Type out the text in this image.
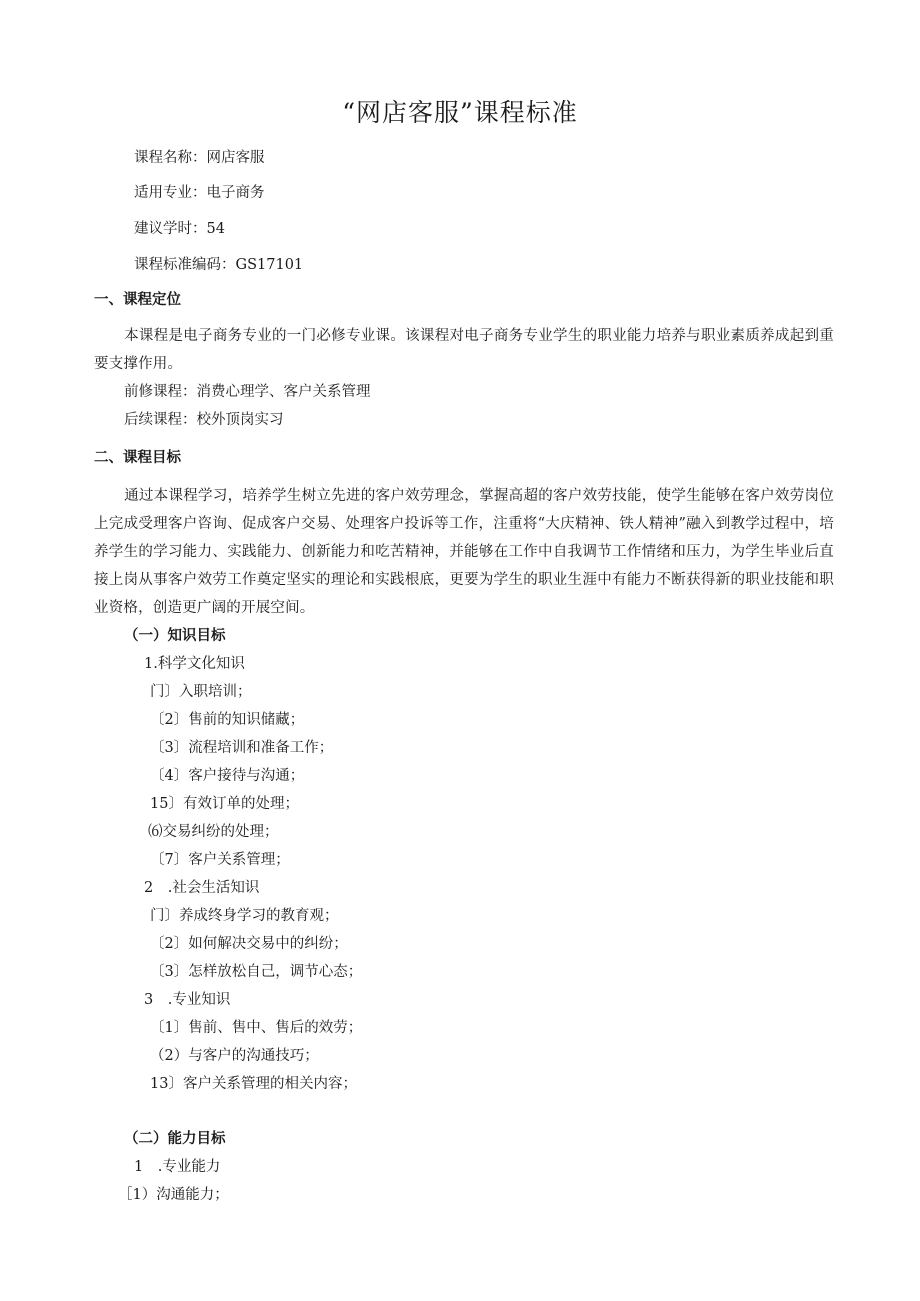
“网店客服”课程标准
课程名称：网店客服
适用专业：电子商务
建议学时：54
课程标准编码：GS17101
一、课程定位
本课程是电子商务专业的一门必修专业课。该课程对电子商务专业学生的职业能力培养与职业素质养成起到重要支撑作用。
前修课程：消费心理学、客户关系管理
后续课程：校外顶岗实习
二、课程目标
通过本课程学习，培养学生树立先进的客户效劳理念，掌握高超的客户效劳技能，使学生能够在客户效劳岗位上完成受理客户咨询、促成客户交易、处理客户投诉等工作，注重将“大庆精神、铁人精神”融入到教学过程中，培养学生的学习能力、实践能力、创新能力和吃苦精神，并能够在工作中自我调节工作情绪和压力，为学生毕业后直接上岗从事客户效劳工作奠定坚实的理论和实践根底，更要为学生的职业生涯中有能力不断获得新的职业技能和职业资格，创造更广阔的开展空间。
（一）知识目标
1.科学文化知识
门〕入职培训；
〔2〕售前的知识储藏；
〔3〕流程培训和准备工作；
〔4〕客户接待与沟通；
15〕有效订单的处理；
⑹交易纠纷的处理；
〔7〕客户关系管理；
2　.社会生活知识
门〕养成终身学习的教育观；
〔2〕如何解决交易中的纠纷；
〔3〕怎样放松自己，调节心态；
3　.专业知识
〔1〕售前、售中、售后的效劳；
（2）与客户的沟通技巧；
13〕客户关系管理的相关内容；
（二）能力目标
1　.专业能力
［1）沟通能力；
